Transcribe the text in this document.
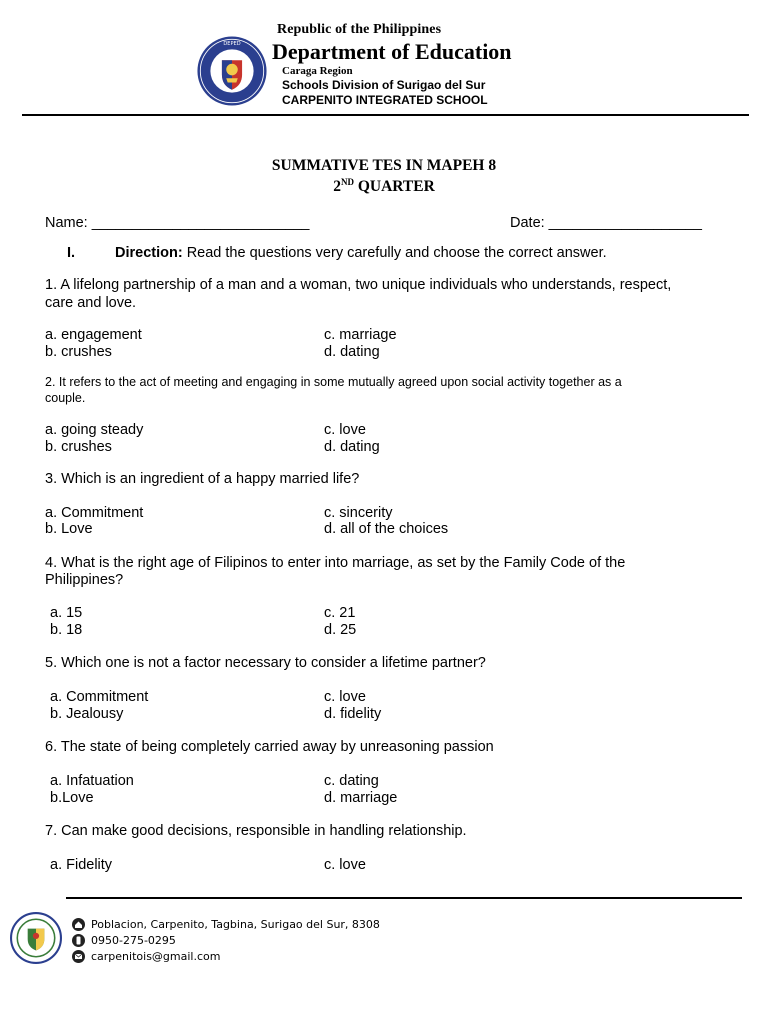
DEPED
Republic of the Philippines
Department of Education
Caraga Region
Schools Division of Surigao del Sur
CARPENITO INTEGRATED SCHOOL
SUMMATIVE TES IN MAPEH 8
2ND QUARTER
Name: ___________________________	Date: ___________________
I.	Direction: Read the questions very carefully and choose the correct answer.
1. A lifelong partnership of a man and a woman, two unique individuals who understands, respect,
care and love.
a. engagement
b. crushes
c. marriage
d. dating
2. It refers to the act of meeting and engaging in some mutually agreed upon social activity together as a
couple.
a. going steady
b. crushes
c. love
d. dating
3. Which is an ingredient of a happy married life?
a. Commitment
b. Love
c. sincerity
d. all of the choices
4. What is the right age of Filipinos to enter into marriage, as set by the Family Code of the
Philippines?
a. 15
b. 18
c. 21
d. 25
5. Which one is not a factor necessary to consider a lifetime partner?
a. Commitment
b. Jealousy
c. love
d. fidelity
6. The state of being completely carried away by unreasoning passion
a. Infatuation
b.Love
c. dating
d. marriage
7. Can make good decisions, responsible in handling relationship.
a. Fidelity	c. love
Poblacion, Carpenito, Tagbina, Surigao del Sur, 8308
0950-275-0295
carpenitois@gmail.com
